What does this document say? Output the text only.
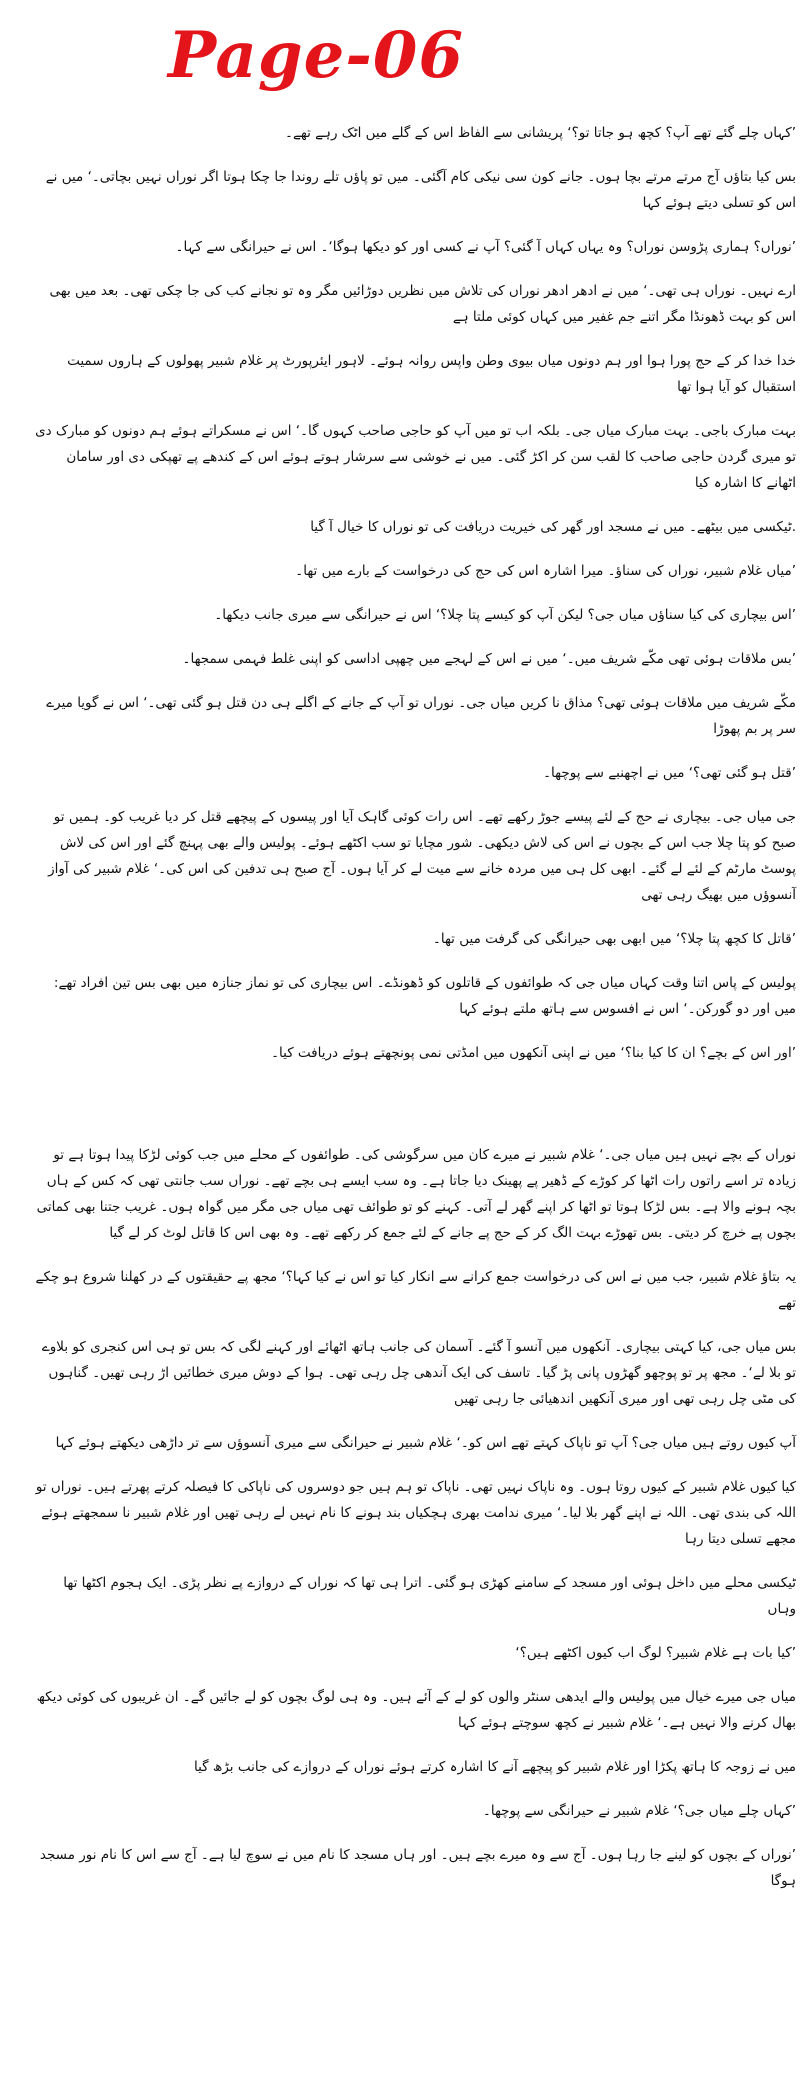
Page-06

’کہاں چلے گئے تھے آپ؟ کچھ ہو جاتا تو؟‘ پریشانی سے الفاظ اس کے گلے میں اٹک رہے تھے۔

بس کیا بتاؤں آج مرتے مرتے بچا ہوں۔ جانے کون سی نیکی کام آگئی۔ میں تو پاؤں تلے روندا جا چکا ہوتا اگر نوراں نہیں بچاتی۔‘ میں نے اس کو تسلی دیتے ہوئے کہا

’نوراں؟ ہماری پڑوسن نوراں؟ وہ یہاں کہاں آ گئی؟ آپ نے کسی اور کو دیکھا ہوگا‘۔ اس نے حیرانگی سے کہا۔

ارے نہیں۔ نوراں ہی تھی۔‘ میں نے ادھر ادھر نوراں کی تلاش میں نظریں دوڑائیں مگر وہ تو نجانے کب کی جا چکی تھی۔ بعد میں بھی اس کو بہت ڈھونڈا مگر اتنے جم غفیر میں کہاں کوئی ملتا ہے

خدا خدا کر کے حج پورا ہوا اور ہم دونوں میاں بیوی وطن واپس روانہ ہوئے۔ لاہور ایئرپورٹ پر غلام شبیر پھولوں کے ہاروں سمیت استقبال کو آیا ہوا تھا

بہت مبارک باجی۔ بہت مبارک میاں جی۔ بلکہ اب تو میں آپ کو حاجی صاحب کہوں گا۔‘ اس نے مسکراتے ہوئے ہم دونوں کو مبارک دی تو میری گردن حاجی صاحب کا لقب سن کر اکڑ گئی۔ میں نے خوشی سے سرشار ہوتے ہوئے اس کے کندھے پے تھپکی دی اور سامان اٹھانے کا اشارہ کیا

.ٹیکسی میں بیٹھے۔ میں نے مسجد اور گھر کی خیریت دریافت کی تو نوراں کا خیال آ گیا

’میاں غلام شبیر، نوراں کی سناؤ۔ میرا اشارہ اس کی حج کی درخواست کے بارے میں تھا۔

’اس بیچاری کی کیا سناؤں میاں جی؟ لیکن آپ کو کیسے پتا چلا؟‘ اس نے حیرانگی سے میری جانب دیکھا۔

’بس ملاقات ہوئی تھی مکّے شریف میں۔‘ میں نے اس کے لہجے میں چھپی اداسی کو اپنی غلط فہمی سمجھا۔

مکّے شریف میں ملاقات ہوئی تھی؟ مذاق نا کریں میاں جی۔ نوراں تو آپ کے جانے کے اگلے ہی دن قتل ہو گئی تھی۔‘ اس نے گویا میرے سر پر بم پھوڑا

’قتل ہو گئی تھی؟‘ میں نے اچھنبے سے پوچھا۔

جی میاں جی۔ بیچاری نے حج کے لئے پیسے جوڑ رکھے تھے۔ اس رات کوئی گاہک آیا اور پیسوں کے پیچھے قتل کر دیا غریب کو۔ ہمیں تو صبح کو پتا چلا جب اس کے بچوں نے اس کی لاش دیکھی۔ شور مچایا تو سب اکٹھے ہوئے۔ پولیس والے بھی پہنچ گئے اور اس کی لاش پوسٹ مارٹم کے لئے لے گئے۔ ابھی کل ہی میں مردہ خانے سے میت لے کر آیا ہوں۔ آج صبح ہی تدفین کی اس کی۔‘ غلام شبیر کی آواز آنسوؤں میں بھیگ رہی تھی

’قاتل کا کچھ پتا چلا؟‘ میں ابھی بھی حیرانگی کی گرفت میں تھا۔

پولیس کے پاس اتنا وقت کہاں میاں جی کہ طوائفوں کے قاتلوں کو ڈھونڈے۔ اس بیچاری کی تو نماز جنازہ میں بھی بس تین افراد تھے: میں اور دو گورکن۔‘ اس نے افسوس سے ہاتھ ملتے ہوئے کہا

’اور اس کے بچے؟ ان کا کیا بنا؟‘ میں نے اپنی آنکھوں میں امڈتی نمی پونچھتے ہوئے دریافت کیا۔

نوراں کے بچے نہیں ہیں میاں جی۔‘ غلام شبیر نے میرے کان میں سرگوشی کی۔ طوائفوں کے محلے میں جب کوئی لڑکا پیدا ہوتا ہے تو زیادہ تر اسے راتوں رات اٹھا کر کوڑے کے ڈھیر پے پھینک دیا جاتا ہے۔ وہ سب ایسے ہی بچے تھے۔ نوراں سب جانتی تھی کہ کس کے ہاں بچہ ہونے والا ہے۔ بس لڑکا ہوتا تو اٹھا کر اپنے گھر لے آتی۔ کہنے کو تو طوائف تھی میاں جی مگر میں گواہ ہوں۔ غریب جتنا بھی کماتی بچوں پے خرچ کر دیتی۔ بس تھوڑے بہت الگ کر کے حج پے جانے کے لئے جمع کر رکھے تھے۔ وہ بھی اس کا قاتل لوٹ کر لے گیا

یہ بتاؤ غلام شبیر، جب میں نے اس کی درخواست جمع کرانے سے انکار کیا تو اس نے کیا کہا؟‘ مجھ پے حقیقتوں کے در کھلنا شروع ہو چکے تھے

بس میاں جی، کیا کہتی بیچاری۔ آنکھوں میں آنسو آ گئے۔ آسمان کی جانب ہاتھ اٹھائے اور کہنے لگی کہ بس تو ہی اس کنجری کو بلاوے تو بلا لے‘۔ مجھ پر تو پوچھو گھڑوں پانی پڑ گیا۔ تاسف کی ایک آندھی چل رہی تھی۔ ہوا کے دوش میری خطائیں اڑ رہی تھیں۔ گناہوں کی مٹی چل رہی تھی اور میری آنکھیں اندھیائی جا رہی تھیں

آپ کیوں روتے ہیں میاں جی؟ آپ تو ناپاک کہتے تھے اس کو۔‘ غلام شبیر نے حیرانگی سے میری آنسوؤں سے تر داڑھی دیکھتے ہوئے کہا

کیا کیوں غلام شبیر کے کیوں روتا ہوں۔ وہ ناپاک نہیں تھی۔ ناپاک تو ہم ہیں جو دوسروں کی ناپاکی کا فیصلہ کرتے پھرتے ہیں۔ نوراں تو اللہ کی بندی تھی۔ اللہ نے اپنے گھر بلا لیا۔‘ میری ندامت بھری ہچکیاں بند ہونے کا نام نہیں لے رہی تھیں اور غلام شبیر نا سمجھتے ہوئے مجھے تسلی دیتا رہا

ٹیکسی محلے میں داخل ہوئی اور مسجد کے سامنے کھڑی ہو گئی۔ اترا ہی تھا کہ نوراں کے دروازے پے نظر پڑی۔ ایک ہجوم اکٹھا تھا وہاں

’کیا بات ہے غلام شبیر؟ لوگ اب کیوں اکٹھے ہیں؟‘

میاں جی میرے خیال میں پولیس والے ایدھی سنٹر والوں کو لے کے آئے ہیں۔ وہ ہی لوگ بچوں کو لے جائیں گے۔ ان غریبوں کی کوئی دیکھ بھال کرنے والا نہیں ہے۔‘ غلام شبیر نے کچھ سوچتے ہوئے کہا

میں نے زوجہ کا ہاتھ پکڑا اور غلام شبیر کو پیچھے آنے کا اشارہ کرتے ہوئے نوراں کے دروازے کی جانب بڑھ گیا

’کہاں چلے میاں جی؟‘ غلام شبیر نے حیرانگی سے پوچھا۔

’نوراں کے بچوں کو لینے جا رہا ہوں۔ آج سے وہ میرے بچے ہیں۔ اور ہاں مسجد کا نام میں نے سوچ لیا ہے۔ آج سے اس کا نام نور مسجد ہوگا
